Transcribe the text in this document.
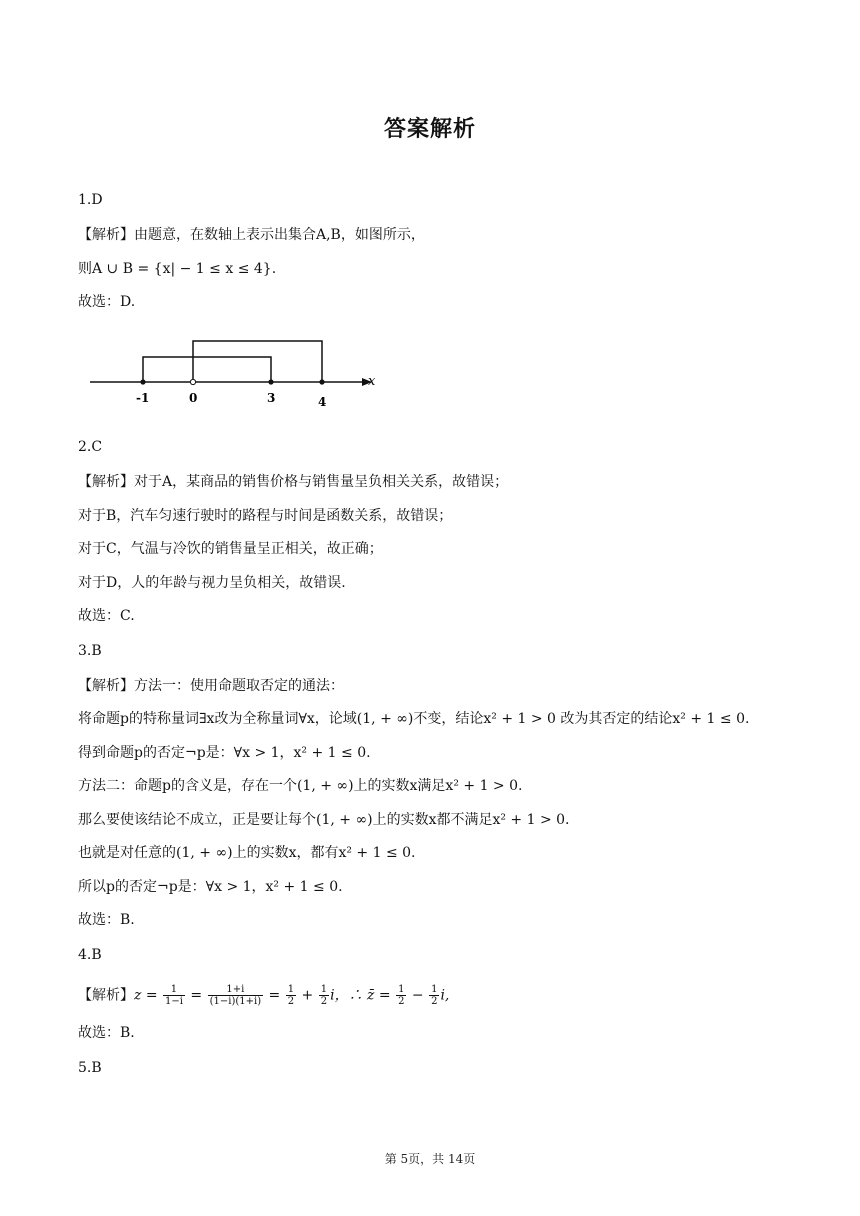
答案解析
1.D
【解析】由题意，在数轴上表示出集合A,B，如图所示，
则A ∪ B = {x| − 1 ≤ x ≤ 4}.
故选：D.
2.C
【解析】对于A，某商品的销售价格与销售量呈负相关关系，故错误；
对于B，汽车匀速行驶时的路程与时间是函数关系，故错误；
对于C，气温与冷饮的销售量呈正相关，故正确；
对于D，人的年龄与视力呈负相关，故错误.
故选：C.
3.B
【解析】方法一：使用命题取否定的通法：
将命题p的特称量词∃x改为全称量词∀x，论域(1, + ∞)不变，结论x² + 1 > 0 改为其否定的结论x² + 1 ≤ 0.
得到命题p的否定¬p是：∀x > 1，x² + 1 ≤ 0.
方法二：命题p的含义是，存在一个(1, + ∞)上的实数x满足x² + 1 > 0.
那么要使该结论不成立，正是要让每个(1, + ∞)上的实数x都不满足x² + 1 > 0.
也就是对任意的(1, + ∞)上的实数x，都有x² + 1 ≤ 0.
所以p的否定¬p是：∀x > 1，x² + 1 ≤ 0.
故选：B.
4.B
故选：B.
5.B
【解析】$z = \frac{1}{1-i} = \frac{1+i}{(1-i)(1+i)} = \frac{1}{2} + \frac{1}{2}$ i，∴ z̄ = $\frac{1}{2} - \frac{1}{2} i$,
x
-1	0	3	4
第 5页，共 14页
